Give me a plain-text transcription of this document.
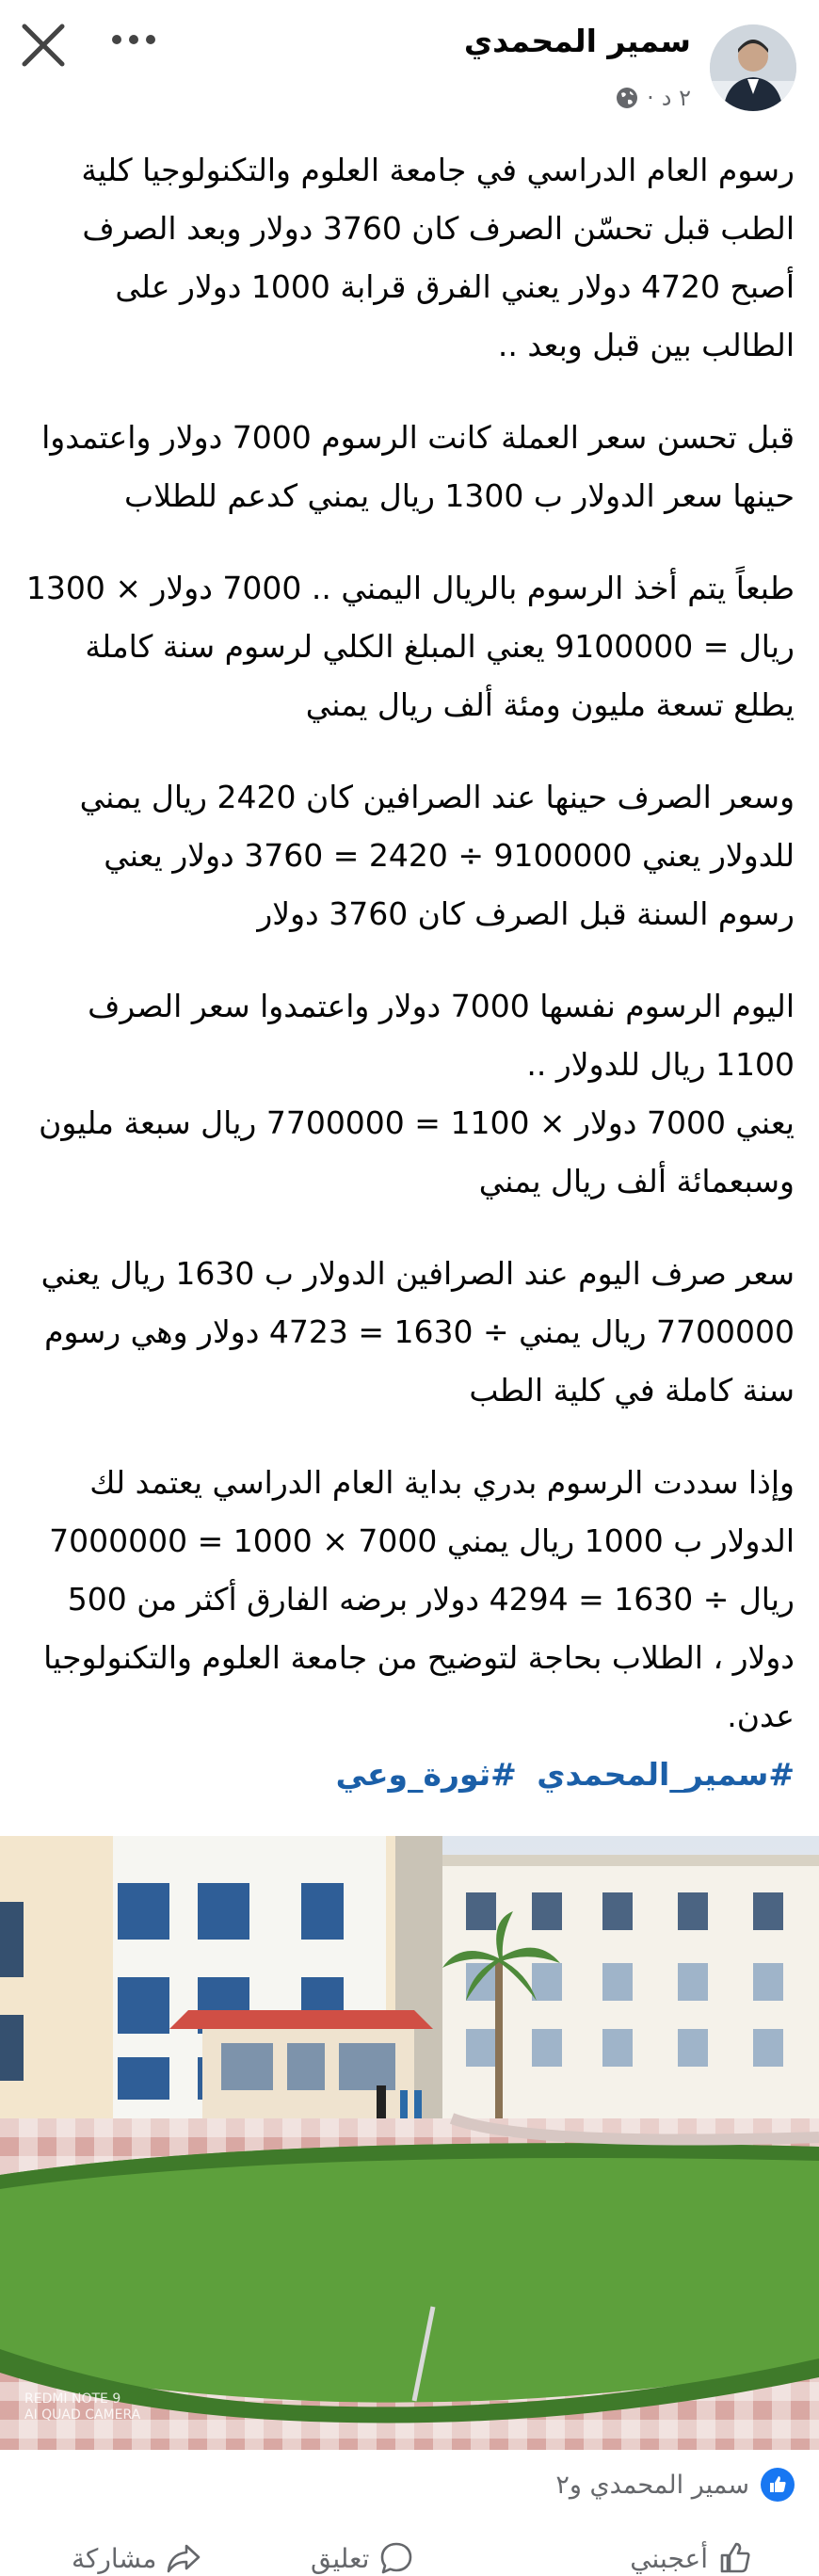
سمير المحمدي
٢ د
·

رسوم العام الدراسي في جامعة العلوم والتكنولوجيا كلية الطب قبل تحسّن الصرف كان 3760 دولار وبعد الصرف أصبح 4720 دولار يعني الفرق قرابة 1000 دولار على الطالب بين قبل وبعد ..

قبل تحسن سعر العملة كانت الرسوم 7000 دولار واعتمدوا حينها سعر الدولار ب 1300 ريال يمني كدعم للطلاب

طبعاً يتم أخذ الرسوم بالريال اليمني .. 7000 دولار × 1300 ريال = 9100000 يعني المبلغ الكلي لرسوم سنة كاملة يطلع تسعة مليون ومئة ألف ريال يمني

وسعر الصرف حينها عند الصرافين كان 2420 ريال يمني للدولار يعني 9100000 ÷ 2420 = 3760 دولار يعني رسوم السنة قبل الصرف كان 3760 دولار

اليوم الرسوم نفسها 7000 دولار واعتمدوا سعر الصرف 1100 ريال للدولار ..
يعني 7000 دولار × 1100 = 7700000 ريال سبعة مليون وسبعمائة ألف ريال يمني

سعر صرف اليوم عند الصرافين الدولار ب 1630 ريال يعني 7700000 ريال يمني ÷ 1630 = 4723 دولار وهي رسوم سنة كاملة في كلية الطب

وإذا سددت الرسوم بدري بداية العام الدراسي يعتمد لك الدولار ب 1000 ريال يمني 7000 × 1000 = 7000000 ريال ÷ 1630 = 4294 دولار برضه الفارق أكثر من 500 دولار ، الطلاب بحاجة لتوضيح من جامعة العلوم والتكنولوجيا عدن.

#سمير_المحمدي #ثورة_وعي

REDMI NOTE 9
AI QUAD CAMERA
سمير المحمدي و٢
أعجبني
تعليق
مشاركة
